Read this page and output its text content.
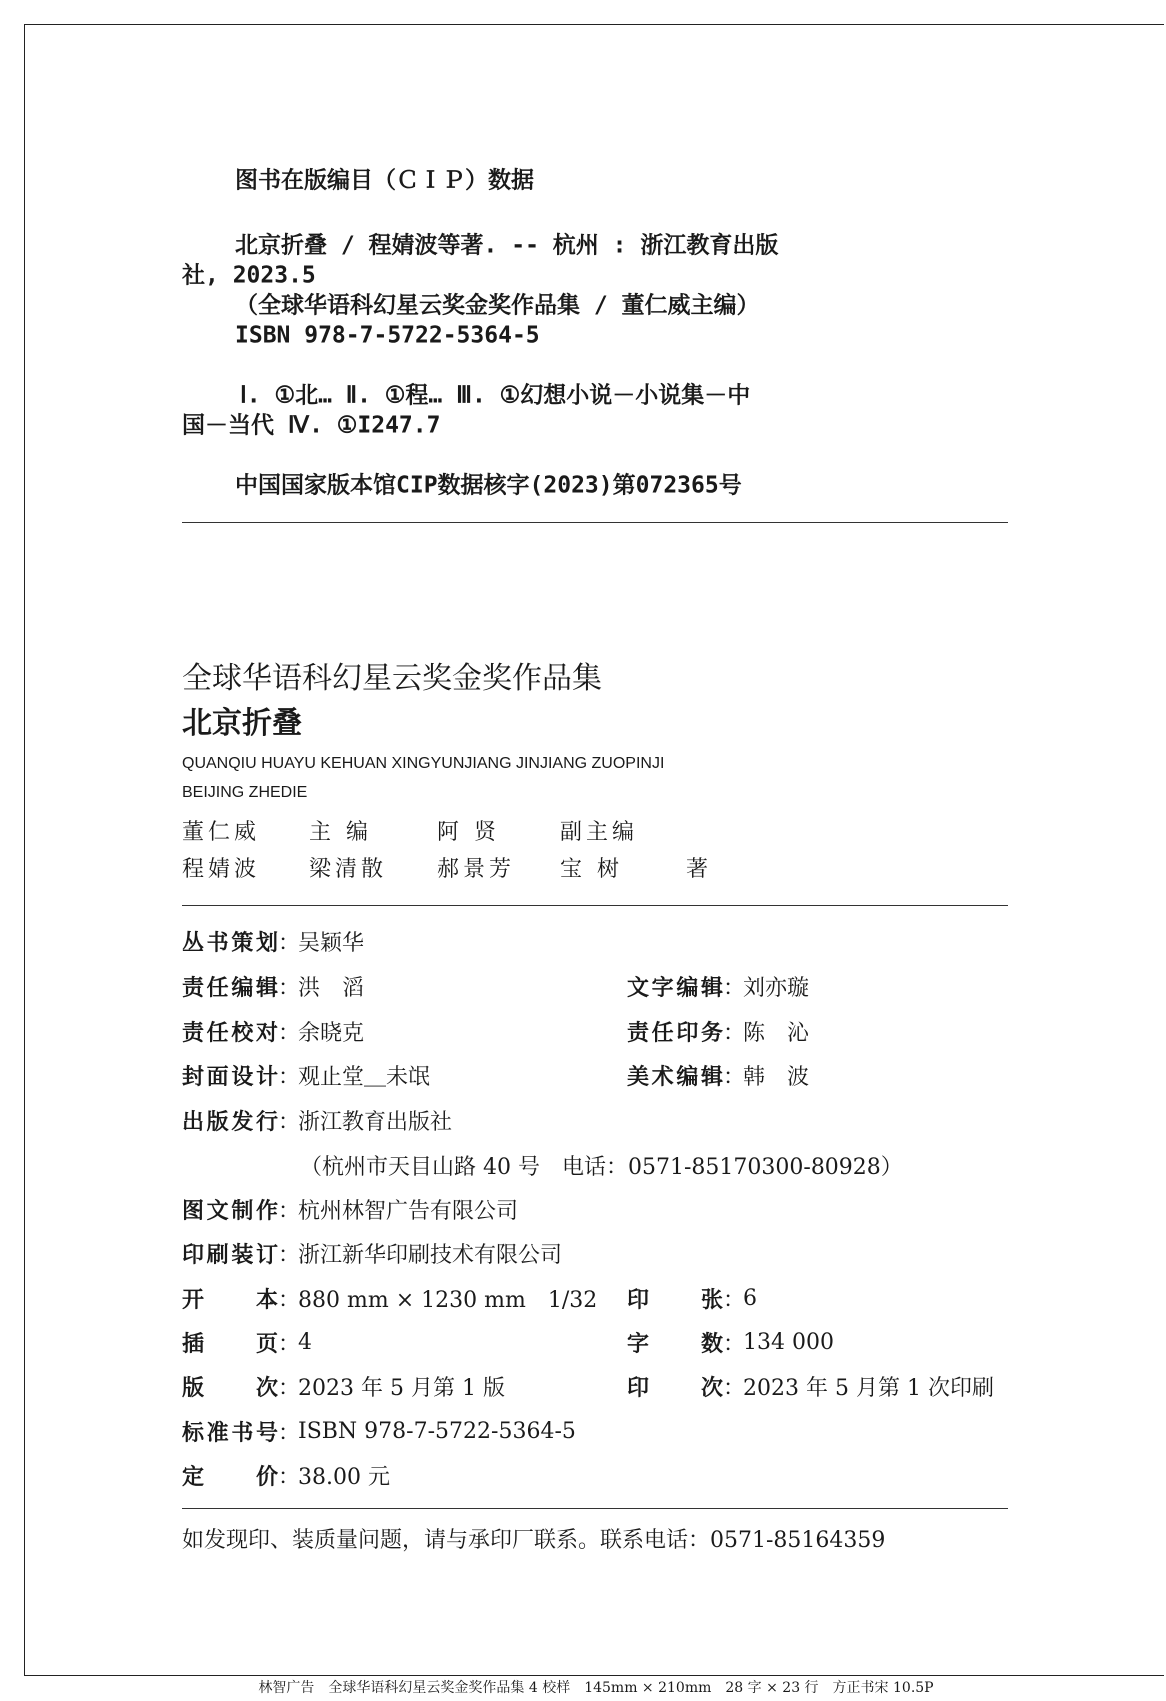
图书在版编目（ＣＩＰ）数据
北京折叠 / 程婧波等著. -- 杭州 : 浙江教育出版
社, 2023.5
（全球华语科幻星云奖金奖作品集 / 董仁威主编）
ISBN 978-7-5722-5364-5
Ⅰ. ①北… Ⅱ. ①程… Ⅲ. ①幻想小说－小说集－中
国－当代 Ⅳ. ①I247.7
中国国家版本馆CIP数据核字(2023)第072365号
全球华语科幻星云奖金奖作品集
北京折叠
QUANQIU HUAYU KEHUAN XINGYUNJIANG JINJIANG ZUOPINJI
BEIJING ZHEDIE
董仁威 主 编	阿 贤	副主编
程婧波 梁清散 郝景芳 宝 树	著
丛书策划 ：
吴颖华
责任编辑 ：
洪　滔	文字编辑 ：
刘亦璇
责任校对 ：
余晓克	责任印务 ：
陈　沁
封面设计 ：
观止堂＿未氓	美术编辑 ：
韩　波
出版发行 ：
浙江教育出版社
（杭州市天目山路 40 号　电话：0571-85170300-80928）
图文制作 ：
杭州林智广告有限公司
印刷装订 ：
浙江新华印刷技术有限公司
开本 ：
880 mm × 1230 mm　1/32 印张 ：
6
插页 ：
4	字数 ：
134 000
版次 ：
2023 年 5 月第 1 版	印次 ：
2023 年 5 月第 1 次印刷
标准书号 ：
ISBN 978-7-5722-5364-5
定价 ：
38.00 元
如发现印、装质量问题，请与承印厂联系。联系电话：0571-85164359
林智广告　全球华语科幻星云奖金奖作品集 4 校样　145mm × 210mm　28 字 × 23 行　方正书宋 10.5P
